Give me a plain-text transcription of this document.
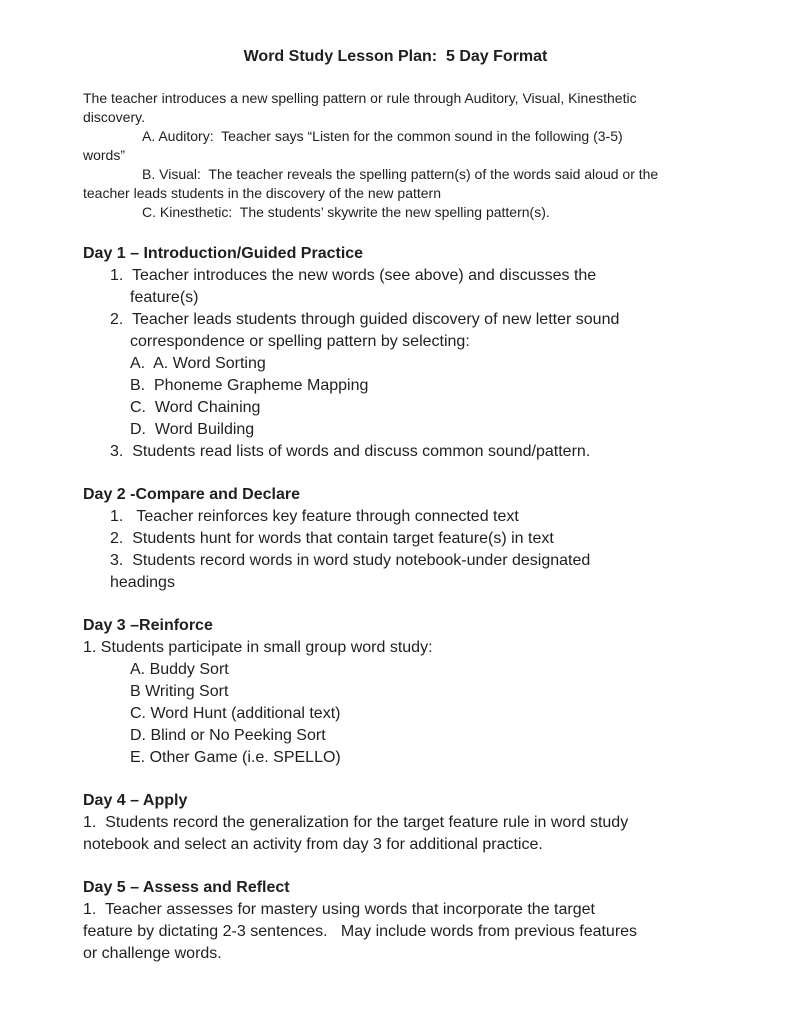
Word Study Lesson Plan:  5 Day Format
The teacher introduces a new spelling pattern or rule through Auditory, Visual, Kinesthetic
discovery.
A. Auditory:  Teacher says “Listen for the common sound in the following (3-5)
words”
B. Visual:  The teacher reveals the spelling pattern(s) of the words said aloud or the
teacher leads students in the discovery of the new pattern
C. Kinesthetic:  The students’ skywrite the new spelling pattern(s).
Day 1 – Introduction/Guided Practice
1.  Teacher introduces the new words (see above) and discusses the
feature(s)
2.  Teacher leads students through guided discovery of new letter sound
correspondence or spelling pattern by selecting:
A.  A. Word Sorting
B.  Phoneme Grapheme Mapping
C.  Word Chaining
D.  Word Building
3.  Students read lists of words and discuss common sound/pattern.
Day 2 -Compare and Declare
1.   Teacher reinforces key feature through connected text
2.  Students hunt for words that contain target feature(s) in text
3.  Students record words in word study notebook-under designated
headings
Day 3 –Reinforce
1. Students participate in small group word study:
A. Buddy Sort
B Writing Sort
C. Word Hunt (additional text)
D. Blind or No Peeking Sort
E. Other Game (i.e. SPELLO)
Day 4 – Apply
1.  Students record the generalization for the target feature rule in word study
notebook and select an activity from day 3 for additional practice.
Day 5 – Assess and Reflect
1.  Teacher assesses for mastery using words that incorporate the target
feature by dictating 2-3 sentences.   May include words from previous features
or challenge words.
